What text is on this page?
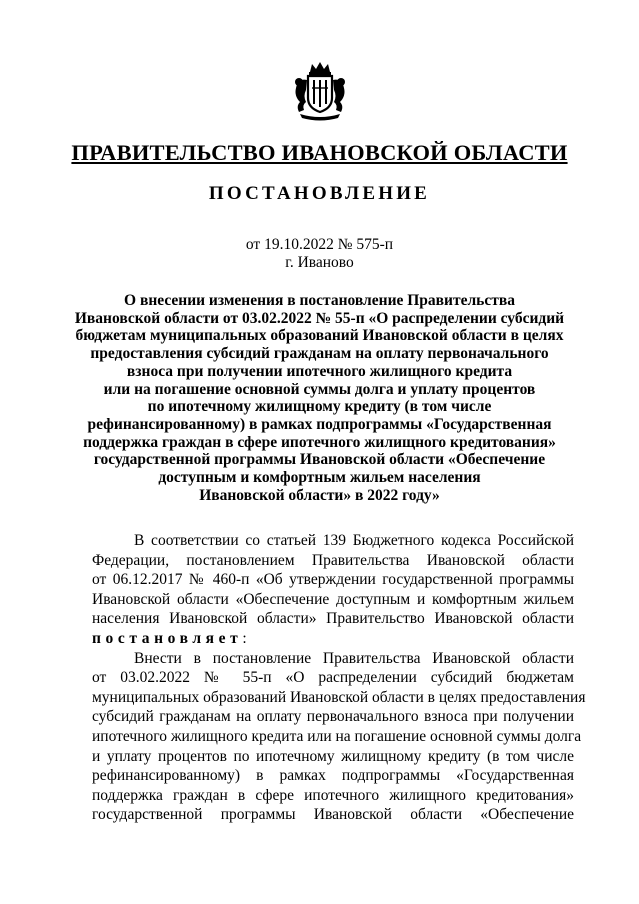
ПРАВИТЕЛЬСТВО ИВАНОВСКОЙ ОБЛАСТИ
ПОСТАНОВЛЕНИЕ
от 19.10.2022 № 575-п
г. Иваново
О внесении изменения в постановление Правительства
Ивановской области от 03.02.2022 № 55-п «О распределении субсидий
бюджетам муниципальных образований Ивановской области в целях
предоставления субсидий гражданам на оплату первоначального
взноса при получении ипотечного жилищного кредита
или на погашение основной суммы долга и уплату процентов
по ипотечному жилищному кредиту (в том числе
рефинансированному) в рамках подпрограммы «Государственная
поддержка граждан в сфере ипотечного жилищного кредитования»
государственной программы Ивановской области «Обеспечение
доступным и комфортным жильем населения
Ивановской области» в 2022 году»
В соответствии со статьей 139 Бюджетного кодекса Российской
Федерации, постановлением Правительства Ивановской области
от 06.12.2017 № 460-п «Об утверждении государственной программы
Ивановской области «Обеспечение доступным и комфортным жильем
населения Ивановской области» Правительство Ивановской области
постановляет:
Внести в постановление Правительства Ивановской области
от 03.02.2022 № 55-п «О распределении субсидий бюджетам
муниципальных образований Ивановской области в целях предоставления
субсидий гражданам на оплату первоначального взноса при получении
ипотечного жилищного кредита или на погашение основной суммы долга
и уплату процентов по ипотечному жилищному кредиту (в том числе
рефинансированному) в рамках подпрограммы «Государственная
поддержка граждан в сфере ипотечного жилищного кредитования»
государственной программы Ивановской области «Обеспечение
